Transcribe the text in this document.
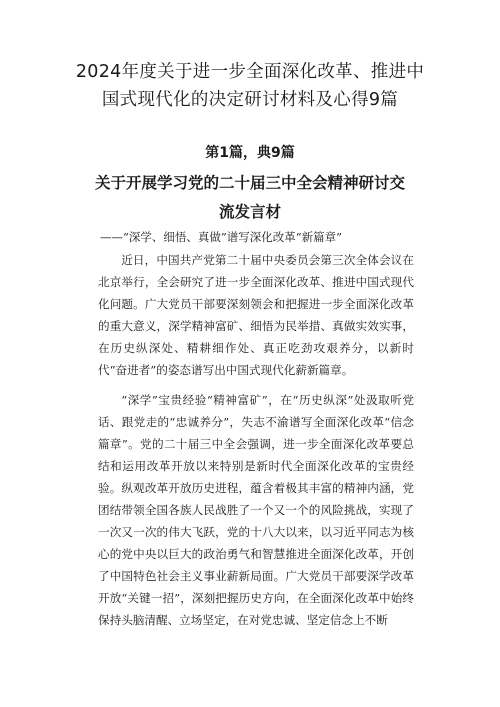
2024年度关于进一步全面深化改革、推进中
国式现代化的决定研讨材料及心得9篇
第1篇，典9篇
关于开展学习党的二十届三中全会精神研讨交
流发言材
——“深学、细悟、真做”谱写深化改革“新篇章”

近日，中国共产党第二十届中央委员会第三次全体会议在北京举行，全会研究了进一步全面深化改革、推进中国式现代化问题。广大党员干部要深刻领会和把握进一步全面深化改革的重大意义，深学精神富矿、细悟为民举措、真做实效实事，在历史纵深处、精耕细作处、真正吃劲攻艰养分，以新时代“奋进者”的姿态谱写出中国式现代化薪新篇章。

“深学”宝贵经验“精神富矿”，在“历史纵深”处汲取听党话、跟党走的“忠诚养分”，失志不渝谱写全面深化改革“信念篇章”。党的二十届三中全会强调，进一步全面深化改革要总结和运用改革开放以来特别是新时代全面深化改革的宝贵经验。纵观改革开放历史进程，蕴含着极其丰富的精神内涵，党团结带领全国各族人民战胜了一个又一个的风险挑战，实现了一次又一次的伟大飞跃，党的十八大以来，以习近平同志为核心的党中央以巨大的政治勇气和智慧推进全面深化改革，开创了中国特色社会主义事业薪新局面。广大党员干部要深学改革开放“关键一招”，深刻把握历史方向，在全面深化改革中始终保持头脑清醒、立场坚定，在对党忠诚、坚定信念上不断
